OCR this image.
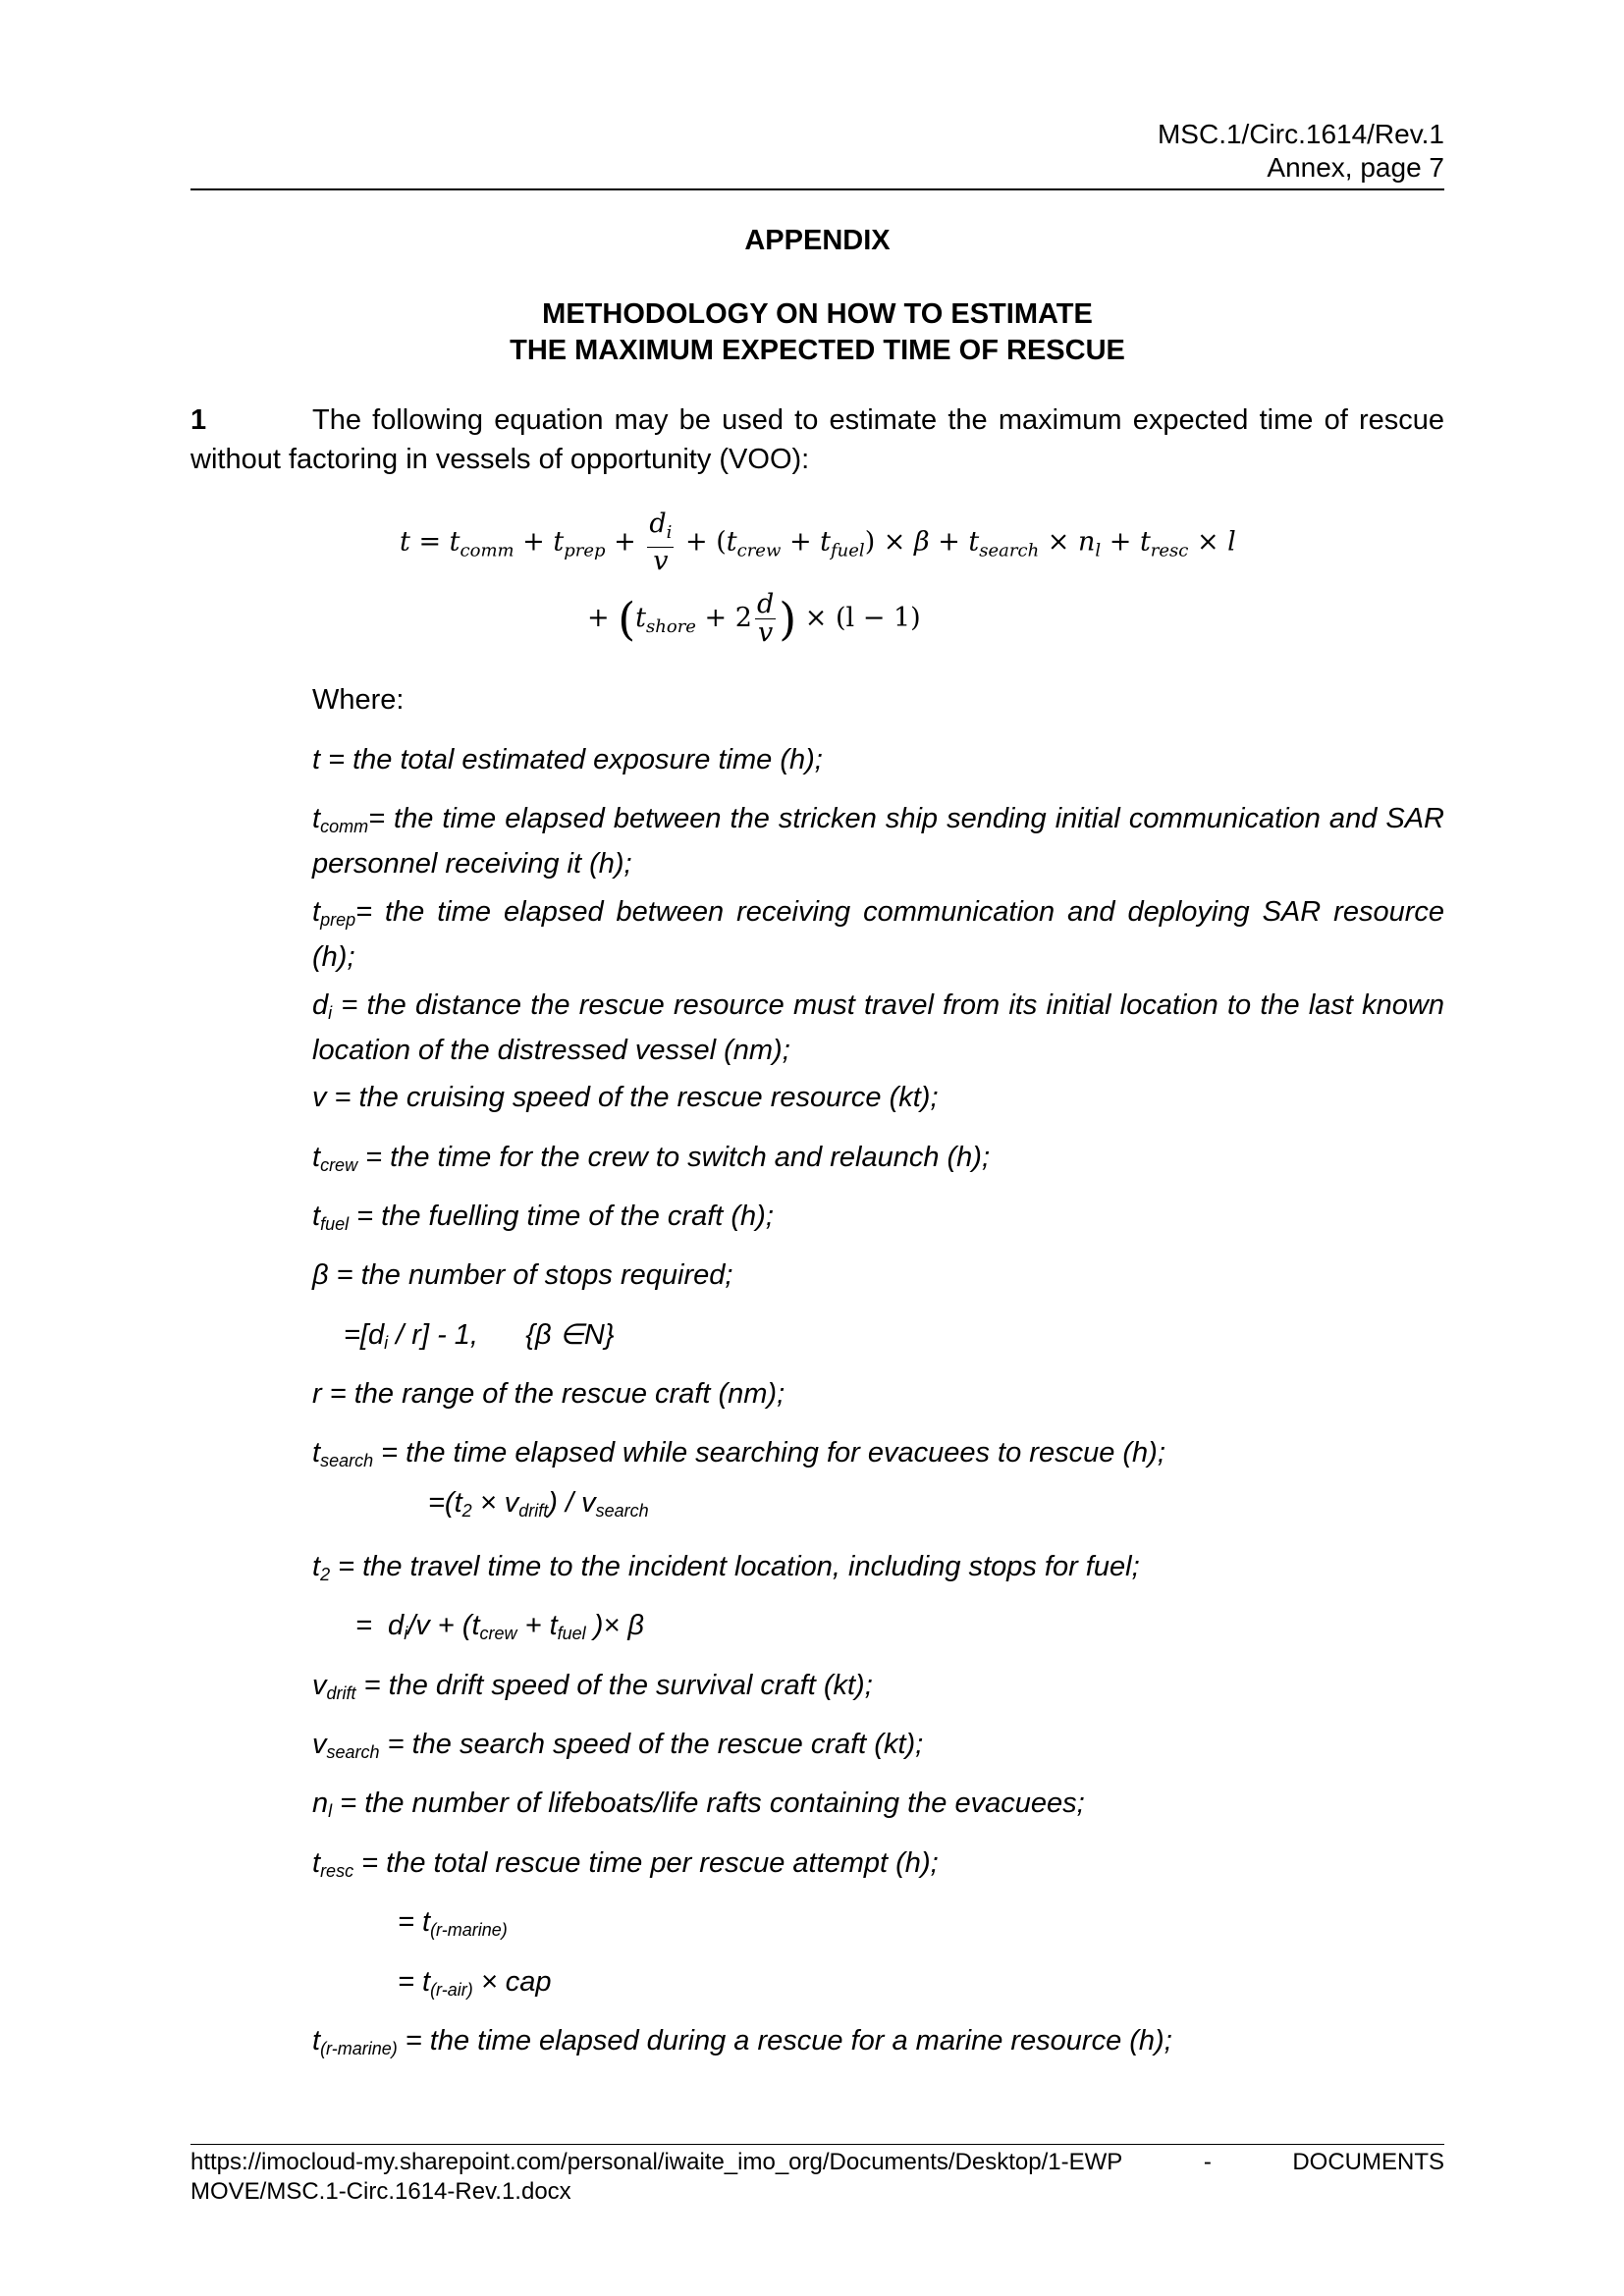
MSC.1/Circ.1614/Rev.1
Annex, page 7
APPENDIX
METHODOLOGY ON HOW TO ESTIMATE
THE MAXIMUM EXPECTED TIME OF RESCUE
1	The following equation may be used to estimate the maximum expected time of rescue without factoring in vessels of opportunity (VOO):
$t = t_{comm} + t_{prep} + \frac{d_i}{v} + (t_{crew} + t_{fuel}) \times \beta + t_{search} \times n_l + t_{resc} \times l$
+ ($t_{shore} + 2 \frac{d}{v}$ ) × (l − 1)
Where:
t = the total estimated exposure time (h);
$t_{comm}=$ the time elapsed between the stricken ship sending initial communication and SAR personnel receiving it (h);
$t_{prep}=$ the time elapsed between receiving communication and deploying SAR resource (h);
$d_i$ = the distance the rescue resource must travel from its initial location to the last known location of the distressed vessel (nm);
v = the cruising speed of the rescue resource (kt);
$t_{crew}$ = the time for the crew to switch and relaunch (h);
$t_{fuel}$ = the fuelling time of the craft (h);
β = the number of stops required;
$=[d_i / r] - 1$,      {β ∈N}
r = the range of the rescue craft (nm);
$t_{search}$ = the time elapsed while searching for evacuees to rescue (h);
$=(t_2 \times v_{drift}) / v_{search}$
$t_2$ = the travel time to the incident location, including stops for fuel;
=  $d_i/v + (t_{crew} + t_{fuel}$ )× β
$v_{drift}$ = the drift speed of the survival craft (kt);
$v_{search}$ = the search speed of the rescue craft (kt);
$n_l$ = the number of lifeboats/life rafts containing the evacuees;
$t_{resc}$ = the total rescue time per rescue attempt (h);
= $t_{(r-marine)}$
= $t_{(r-air)}$ × cap
$t_{(r-marine)}$ = the time elapsed during a rescue for a marine resource (h);
https://imocloud-my.sharepoint.com/personal/iwaite_imo_org/Documents/Desktop/1-EWP	-	DOCUMENTS
MOVE/MSC.1-Circ.1614-Rev.1.docx
